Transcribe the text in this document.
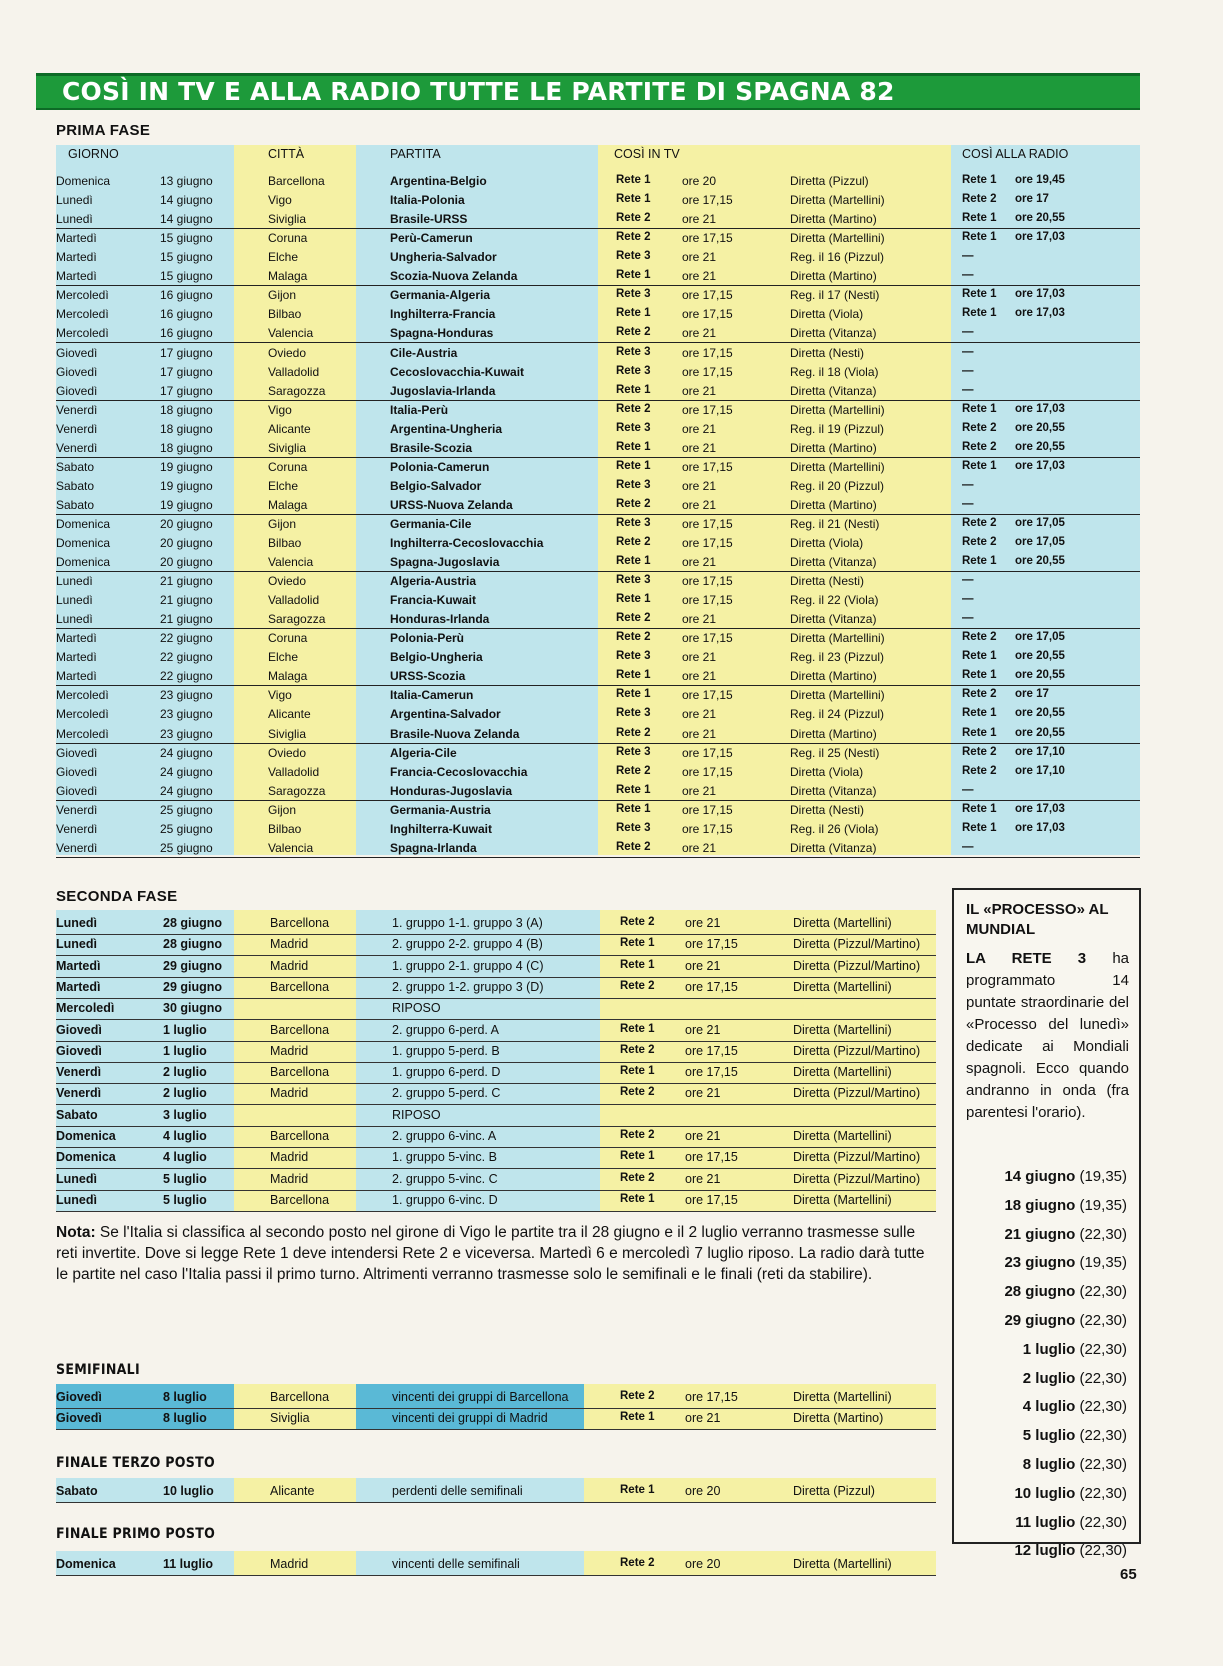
COSÌ IN TV E ALLA RADIO TUTTE LE PARTITE DI SPAGNA 82
PRIMA FASE
GIORNO	CITTÀ	PARTITA	COSÌ IN TV	COSÌ ALLA RADIO
Domenica	13 giugno	Barcellona	Argentina-Belgio	Rete 1	ore 20	Diretta (Pizzul)	Rete 1 ore 19,45
Lunedì	14 giugno	Vigo	Italia-Polonia	Rete 1	ore 17,15	Diretta (Martellini)	Rete 2 ore 17
Lunedì	14 giugno	Siviglia	Brasile-URSS	Rete 2	ore 21	Diretta (Martino)	Rete 1 ore 20,55
Martedì	15 giugno	Coruna	Perù-Camerun	Rete 2	ore 17,15	Diretta (Martellini)	Rete 1 ore 17,03
Martedì	15 giugno	Elche	Ungheria-Salvador	Rete 3	ore 21	Reg. il 16 (Pizzul)	—
Martedì	15 giugno	Malaga	Scozia-Nuova Zelanda	Rete 1	ore 21	Diretta (Martino)	—
Mercoledì	16 giugno	Gijon	Germania-Algeria	Rete 3	ore 17,15	Reg. il 17 (Nesti)	Rete 1 ore 17,03
Mercoledì	16 giugno	Bilbao	Inghilterra-Francia	Rete 1	ore 17,15	Diretta (Viola)	Rete 1 ore 17,03
Mercoledì	16 giugno	Valencia	Spagna-Honduras	Rete 2	ore 21	Diretta (Vitanza)	—
Giovedì	17 giugno	Oviedo	Cile-Austria	Rete 3	ore 17,15	Diretta (Nesti)	—
Giovedì	17 giugno	Valladolid	Cecoslovacchia-Kuwait	Rete 3	ore 17,15	Reg. il 18 (Viola)	—
Giovedì	17 giugno	Saragozza	Jugoslavia-Irlanda	Rete 1	ore 21	Diretta (Vitanza)	—
Venerdì	18 giugno	Vigo	Italia-Perù	Rete 2	ore 17,15	Diretta (Martellini)	Rete 1 ore 17,03
Venerdì	18 giugno	Alicante	Argentina-Ungheria	Rete 3	ore 21	Reg. il 19 (Pizzul)	Rete 2 ore 20,55
Venerdì	18 giugno	Siviglia	Brasile-Scozia	Rete 1	ore 21	Diretta (Martino)	Rete 2 ore 20,55
Sabato	19 giugno	Coruna	Polonia-Camerun	Rete 1	ore 17,15	Diretta (Martellini)	Rete 1 ore 17,03
Sabato	19 giugno	Elche	Belgio-Salvador	Rete 3	ore 21	Reg. il 20 (Pizzul)	—
Sabato	19 giugno	Malaga	URSS-Nuova Zelanda	Rete 2	ore 21	Diretta (Martino)	—
Domenica	20 giugno	Gijon	Germania-Cile	Rete 3	ore 17,15	Reg. il 21 (Nesti)	Rete 2 ore 17,05
Domenica	20 giugno	Bilbao	Inghilterra-Cecoslovacchia	Rete 2	ore 17,15	Diretta (Viola)	Rete 2 ore 17,05
Domenica	20 giugno	Valencia	Spagna-Jugoslavia	Rete 1	ore 21	Diretta (Vitanza)	Rete 1 ore 20,55
Lunedì	21 giugno	Oviedo	Algeria-Austria	Rete 3	ore 17,15	Diretta (Nesti)	—
Lunedì	21 giugno	Valladolid	Francia-Kuwait	Rete 1	ore 17,15	Reg. il 22 (Viola)	—
Lunedì	21 giugno	Saragozza	Honduras-Irlanda	Rete 2	ore 21	Diretta (Vitanza)	—
Martedì	22 giugno	Coruna	Polonia-Perù	Rete 2	ore 17,15	Diretta (Martellini)	Rete 2 ore 17,05
Martedì	22 giugno	Elche	Belgio-Ungheria	Rete 3	ore 21	Reg. il 23 (Pizzul)	Rete 1 ore 20,55
Martedì	22 giugno	Malaga	URSS-Scozia	Rete 1	ore 21	Diretta (Martino)	Rete 1 ore 20,55
Mercoledì	23 giugno	Vigo	Italia-Camerun	Rete 1	ore 17,15	Diretta (Martellini)	Rete 2 ore 17
Mercoledì	23 giugno	Alicante	Argentina-Salvador	Rete 3	ore 21	Reg. il 24 (Pizzul)	Rete 1 ore 20,55
Mercoledì	23 giugno	Siviglia	Brasile-Nuova Zelanda	Rete 2	ore 21	Diretta (Martino)	Rete 1 ore 20,55
Giovedì	24 giugno	Oviedo	Algeria-Cile	Rete 3	ore 17,15	Reg. il 25 (Nesti)	Rete 2 ore 17,10
Giovedì	24 giugno	Valladolid	Francia-Cecoslovacchia	Rete 2	ore 17,15	Diretta (Viola)	Rete 2 ore 17,10
Giovedì	24 giugno	Saragozza	Honduras-Jugoslavia	Rete 1	ore 21	Diretta (Vitanza)	—
Venerdì	25 giugno	Gijon	Germania-Austria	Rete 1	ore 17,15	Diretta (Nesti)	Rete 1 ore 17,03
Venerdì	25 giugno	Bilbao	Inghilterra-Kuwait	Rete 3	ore 17,15	Reg. il 26 (Viola)	Rete 1 ore 17,03
Venerdì	25 giugno	Valencia	Spagna-Irlanda	Rete 2	ore 21	Diretta (Vitanza)	—
SECONDA FASE
Lunedì	28 giugno	Barcellona	1. gruppo 1-1. gruppo 3 (A)	Rete 2 ore 21	Diretta (Martellini)
Lunedì	28 giugno	Madrid	2. gruppo 2-2. gruppo 4 (B)	Rete 1 ore 17,15	Diretta (Pizzul/Martino)
Martedì	29 giugno	Madrid	1. gruppo 2-1. gruppo 4 (C)	Rete 1 ore 21	Diretta (Pizzul/Martino)
Martedì	29 giugno	Barcellona	2. gruppo 1-2. gruppo 3 (D)	Rete 2 ore 17,15	Diretta (Martellini)
Mercoledì	30 giugno	RIPOSO
Giovedì	1 luglio	Barcellona	2. gruppo 6-perd. A	Rete 1 ore 21	Diretta (Martellini)
Giovedì	1 luglio	Madrid	1. gruppo 5-perd. B	Rete 2 ore 17,15	Diretta (Pizzul/Martino)
Venerdì	2 luglio	Barcellona	1. gruppo 6-perd. D	Rete 1 ore 17,15	Diretta (Martellini)
Venerdì	2 luglio	Madrid	2. gruppo 5-perd. C	Rete 2 ore 21	Diretta (Pizzul/Martino)
Sabato	3 luglio	RIPOSO
Domenica	4 luglio	Barcellona	2. gruppo 6-vinc. A	Rete 2 ore 21	Diretta (Martellini)
Domenica	4 luglio	Madrid	1. gruppo 5-vinc. B	Rete 1 ore 17,15	Diretta (Pizzul/Martino)
Lunedì	5 luglio	Madrid	2. gruppo 5-vinc. C	Rete 2 ore 21	Diretta (Pizzul/Martino)
Lunedì	5 luglio	Barcellona	1. gruppo 6-vinc. D	Rete 1 ore 17,15	Diretta (Martellini)
Nota: Se l'Italia si classifica al secondo posto nel girone di Vigo le partite tra il 28 giugno e il 2 luglio verranno trasmesse sulle reti invertite. Dove si legge Rete 1 deve intendersi Rete 2 e viceversa. Martedì 6 e mercoledì 7 luglio riposo. La radio darà tutte le partite nel caso l'Italia passi il primo turno. Altrimenti verranno trasmesse solo le semifinali e le finali (reti da stabilire).
SEMIFINALI
Giovedì	8 luglio	Barcellona	vincenti dei gruppi di Barcellona	Rete 2 ore 17,15	Diretta (Martellini)
Giovedì	8 luglio	Siviglia	vincenti dei gruppi di Madrid	Rete 1 ore 21	Diretta (Martino)
FINALE TERZO POSTO
Sabato	10 luglio	Alicante	perdenti delle semifinali	Rete 1 ore 20	Diretta (Pizzul)
FINALE PRIMO POSTO
Domenica	11 luglio	Madrid	vincenti delle semifinali	Rete 2 ore 20	Diretta (Martellini)
IL «PROCESSO» AL MUNDIAL
LA RETE 3 ha programmato 14 puntate straordinarie del «Processo del lunedì» dedicate ai Mondiali spagnoli. Ecco quando andranno in onda (fra parentesi l'orario).
14 giugno (19,35)
18 giugno (19,35)
21 giugno (22,30)
23 giugno (19,35)
28 giugno (22,30)
29 giugno (22,30)
1 luglio (22,30)
2 luglio (22,30)
4 luglio (22,30)
5 luglio (22,30)
8 luglio (22,30)
10 luglio (22,30)
11 luglio (22,30)
12 luglio (22,30)
65
